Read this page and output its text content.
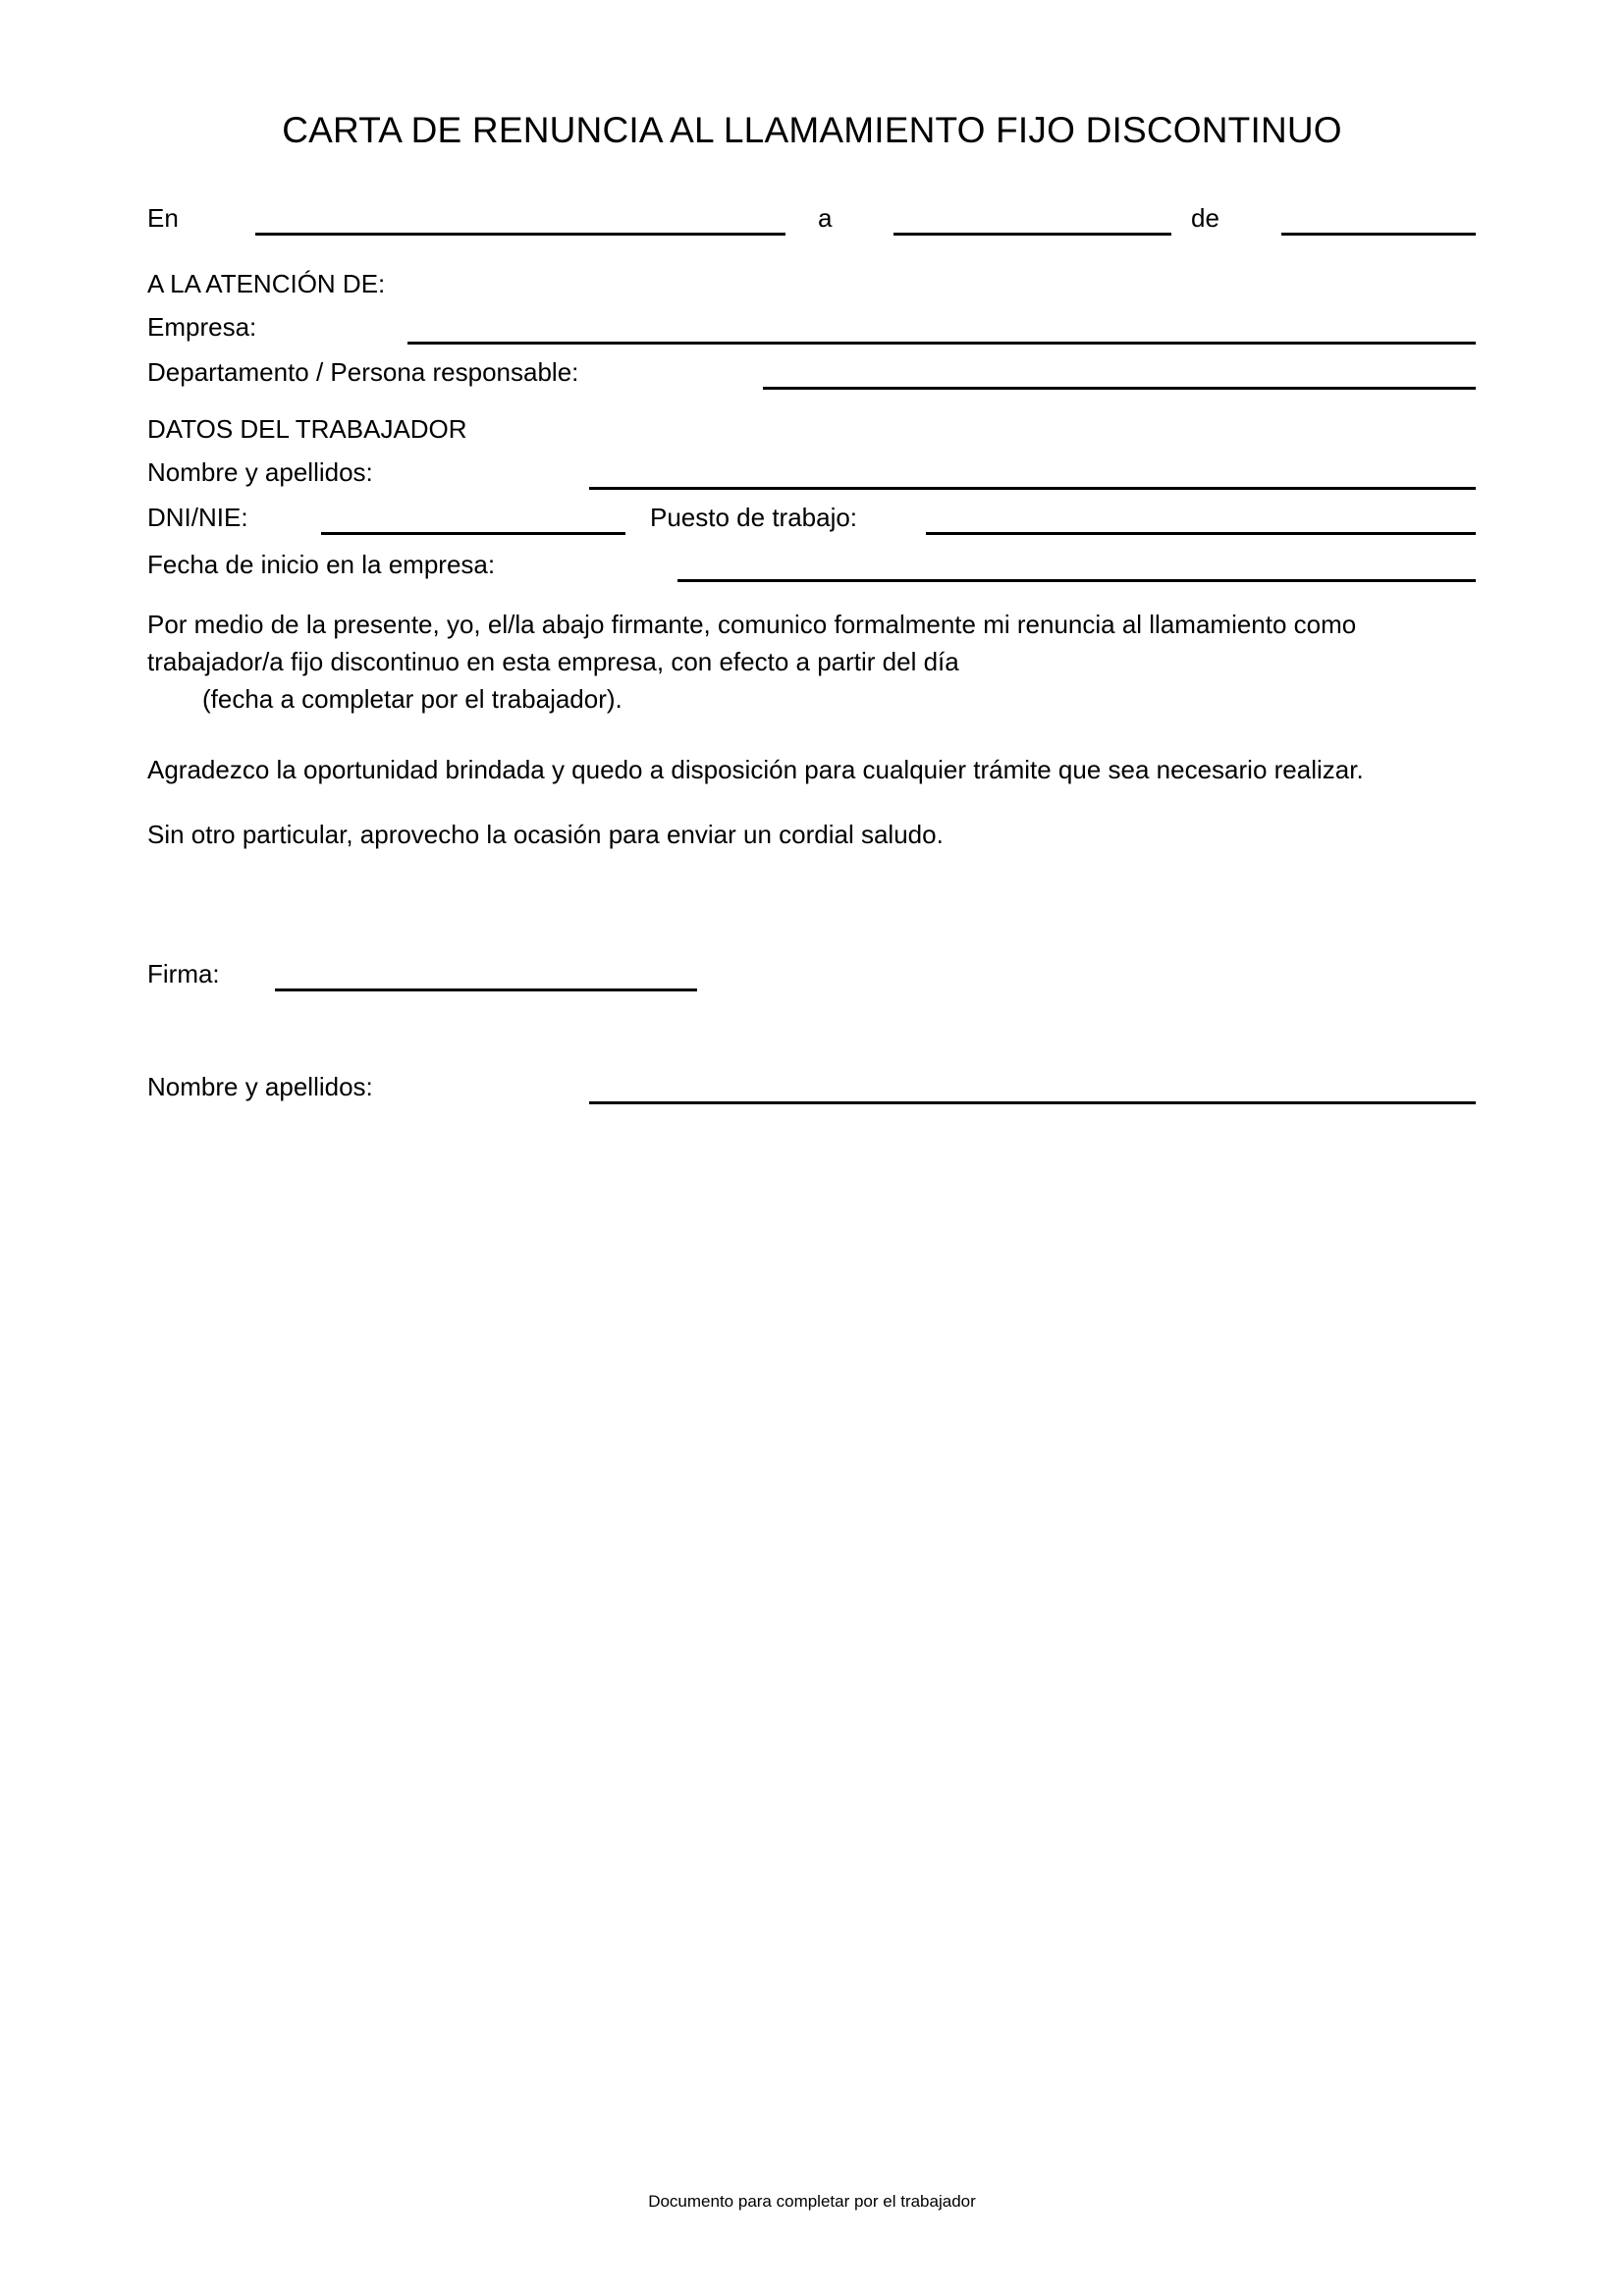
CARTA DE RENUNCIA AL LLAMAMIENTO FIJO DISCONTINUO
En	a	de
A LA ATENCIÓN DE:
Empresa:
Departamento / Persona responsable:
DATOS DEL TRABAJADOR
Nombre y apellidos:
DNI/NIE:	Puesto de trabajo:
Fecha de inicio en la empresa:
Por medio de la presente, yo, el/la abajo firmante, comunico formalmente mi renuncia al llamamiento como
trabajador/a fijo discontinuo en esta empresa, con efecto a partir del día
(fecha a completar por el trabajador).
Agradezco la oportunidad brindada y quedo a disposición para cualquier trámite que sea necesario realizar.
Sin otro particular, aprovecho la ocasión para enviar un cordial saludo.
Firma:
Nombre y apellidos:
Documento para completar por el trabajador
